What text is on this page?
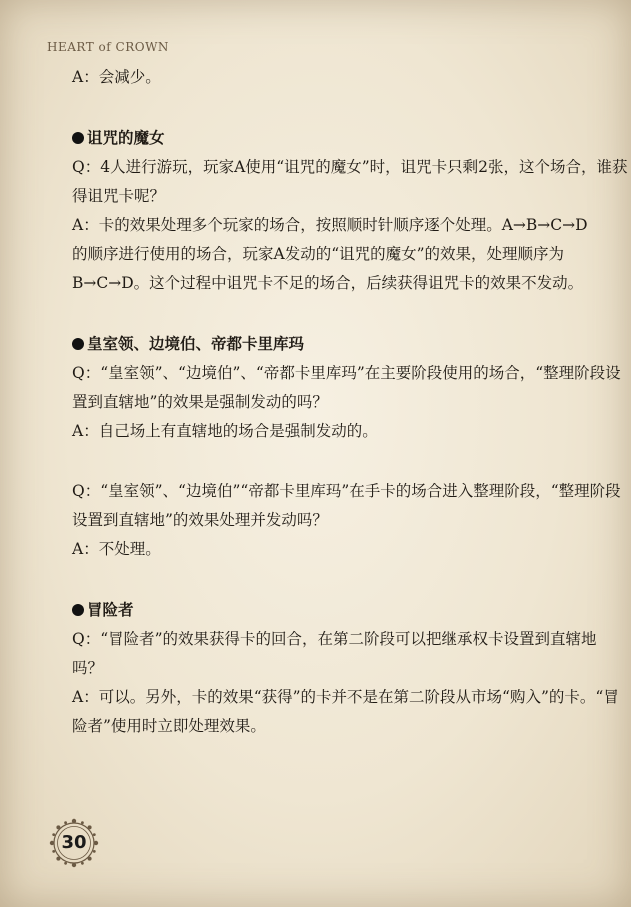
HEART of CROWN

A：会减少。

诅咒的魔女

Q：4人进行游玩，玩家A使用“诅咒的魔女”时，诅咒卡只剩2张，这个场合，谁获

得诅咒卡呢？

A：卡的效果处理多个玩家的场合，按照顺时针顺序逐个处理。A→B→C→D

的顺序进行使用的场合，玩家A发动的“诅咒的魔女”的效果，处理顺序为

B→C→D。这个过程中诅咒卡不足的场合，后续获得诅咒卡的效果不发动。

皇室领、边境伯、帝都卡里库玛

Q：“皇室领”、“边境伯”、“帝都卡里库玛”在主要阶段使用的场合，“整理阶段设

置到直辖地”的效果是强制发动的吗？

A：自己场上有直辖地的场合是强制发动的。

Q：“皇室领”、“边境伯”“帝都卡里库玛”在手卡的场合进入整理阶段，“整理阶段

设置到直辖地”的效果处理并发动吗？

A：不处理。

冒险者

Q：“冒险者”的效果获得卡的回合，在第二阶段可以把继承权卡设置到直辖地

吗？

A：可以。另外，卡的效果“获得”的卡并不是在第二阶段从市场“购入”的卡。“冒

险者”使用时立即处理效果。

30
